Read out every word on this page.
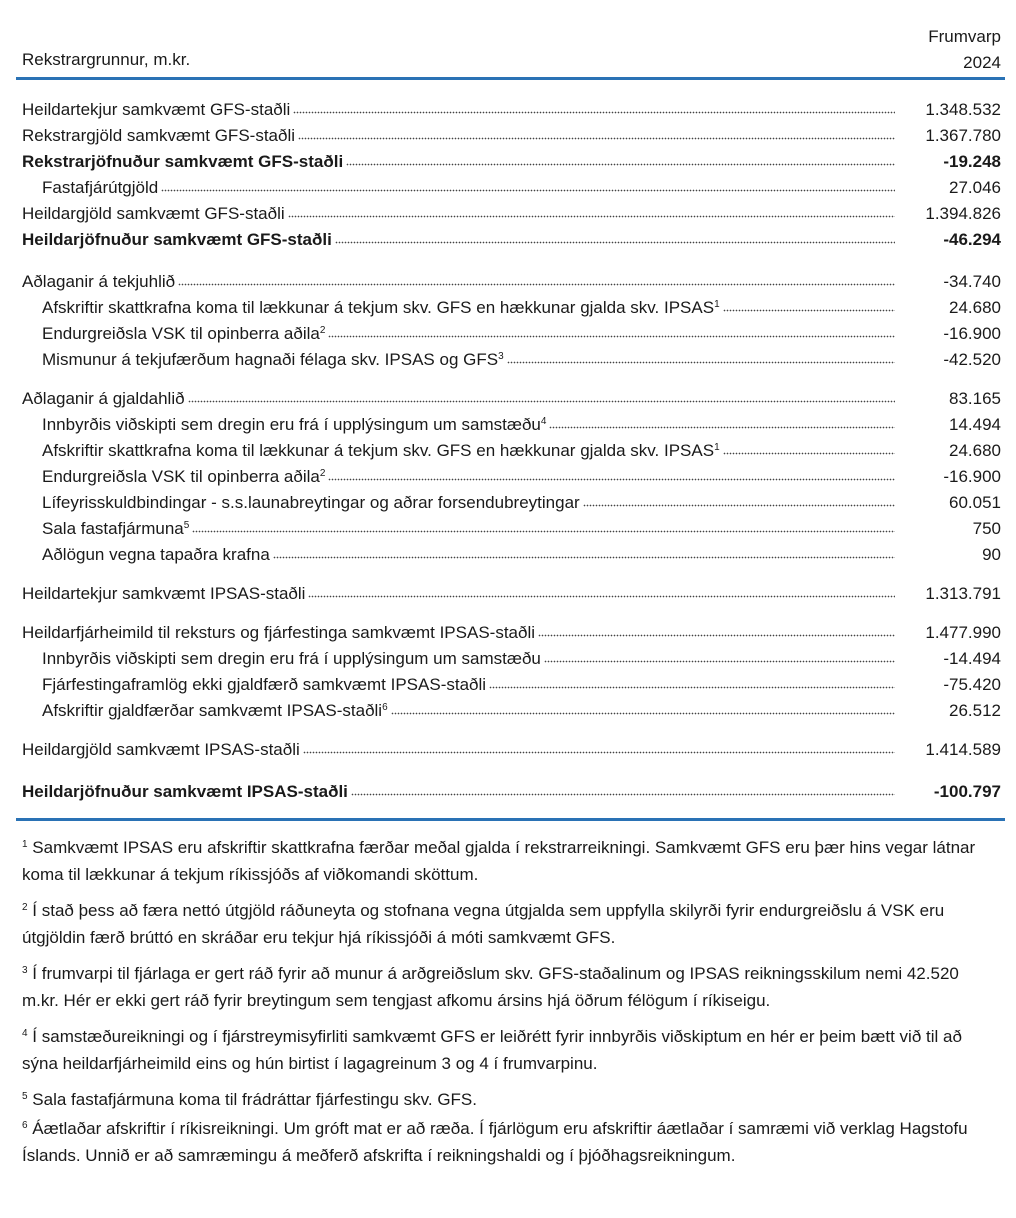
Rekstrargrunnur, m.kr.
Frumvarp
2024
Heildartekjur samkvæmt GFS-staðli	1.348.532
Rekstrargjöld samkvæmt GFS-staðli	1.367.780
Rekstrarjöfnuður samkvæmt GFS-staðli	-19.248
Fastafjárútgjöld	27.046
Heildargjöld samkvæmt GFS-staðli	1.394.826
Heildarjöfnuður samkvæmt GFS-staðli	-46.294
Aðlaganir á tekjuhlið	-34.740
Afskriftir skattkrafna koma til lækkunar á tekjum skv. GFS en hækkunar gjalda skv. IPSAS$^1$	24.680
Endurgreiðsla VSK til opinberra aðila$^2$	-16.900
Mismunur á tekjufærðum hagnaði félaga skv. IPSAS og GFS$^3$	-42.520
Aðlaganir á gjaldahlið	83.165
Innbyrðis viðskipti sem dregin eru frá í upplýsingum um samstæðu$^4$	14.494
Afskriftir skattkrafna koma til lækkunar á tekjum skv. GFS en hækkunar gjalda skv. IPSAS$^1$	24.680
Endurgreiðsla VSK til opinberra aðila$^2$	-16.900
Lífeyrisskuldbindingar - s.s.launabreytingar og aðrar forsendubreytingar	60.051
Sala fastafjármuna$^5$	750
Aðlögun vegna tapaðra krafna	90
Heildartekjur samkvæmt IPSAS-staðli	1.313.791
Heildarfjárheimild til reksturs og fjárfestinga samkvæmt IPSAS-staðli	1.477.990
Innbyrðis viðskipti sem dregin eru frá í upplýsingum um samstæðu	-14.494
Fjárfestingaframlög ekki gjaldfærð samkvæmt IPSAS-staðli	-75.420
Afskriftir gjaldfærðar samkvæmt IPSAS-staðli$^6$	26.512
Heildargjöld samkvæmt IPSAS-staðli	1.414.589
Heildarjöfnuður samkvæmt IPSAS-staðli	-100.797
$^1$ Samkvæmt IPSAS eru afskriftir skattkrafna færðar meðal gjalda í rekstrarreikningi. Samkvæmt GFS eru þær hins vegar látnar koma til lækkunar á tekjum ríkissjóðs af viðkomandi sköttum.
$^2$ Í stað þess að færa nettó útgjöld ráðuneyta og stofnana vegna útgjalda sem uppfylla skilyrði fyrir endurgreiðslu á VSK eru útgjöldin færð brúttó en skráðar eru tekjur hjá ríkissjóði á móti samkvæmt GFS.
$^3$ Í frumvarpi til fjárlaga er gert ráð fyrir að munur á arðgreiðslum skv. GFS-staðalinum og IPSAS reikningsskilum nemi 42.520 m.kr. Hér er ekki gert ráð fyrir breytingum sem tengjast afkomu ársins hjá öðrum félögum í ríkiseigu.
$^4$ Í samstæðureikningi og í fjárstreymisyfirliti samkvæmt GFS er leiðrétt fyrir innbyrðis viðskiptum en hér er þeim bætt við til að sýna heildarfjárheimild eins og hún birtist í lagagreinum 3 og 4 í frumvarpinu.
$^5$ Sala fastafjármuna koma til frádráttar fjárfestingu skv. GFS.
$^6$ Áætlaðar afskriftir í ríkisreikningi. Um gróft mat er að ræða. Í fjárlögum eru afskriftir áætlaðar í samræmi við verklag Hagstofu Íslands. Unnið er að samræmingu á meðferð afskrifta í reikningshaldi og í þjóðhagsreikningum.
